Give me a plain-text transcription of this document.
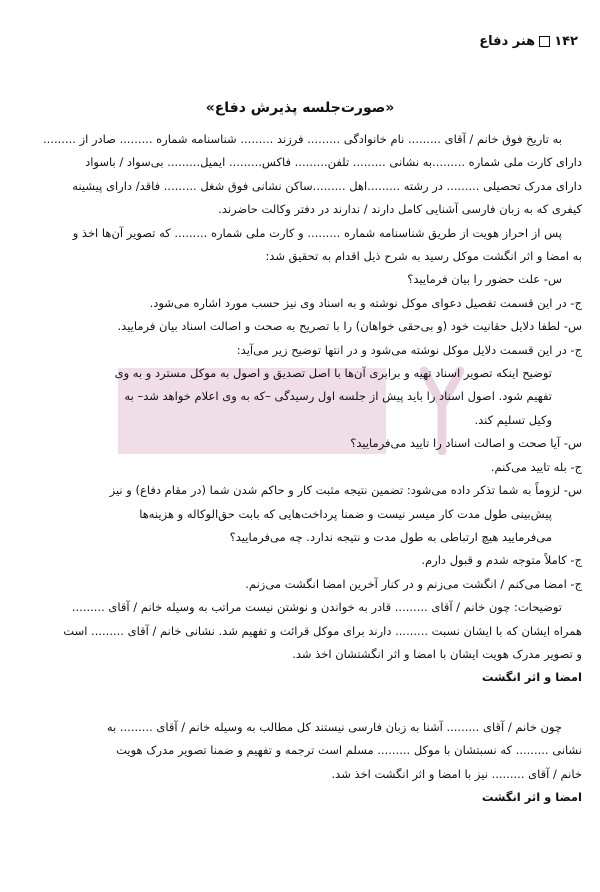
۱۴۲
هنر دفاع
«صورت‌جلسه پذیرش دفاع»
به تاریخ فوق خانم / آقای ......... نام خانوادگی ......... فرزند ......... شناسنامه شماره ......... صادر از .........
دارای کارت ملی شماره .........به نشانی ......... تلفن......... فاکس......... ایمیل......... بی‌سواد / باسواد
دارای مدرک تحصیلی ......... در رشته .........اهل .........ساکن نشانی فوق شغل ......... فاقد/ دارای پیشینه
کیفری که به زبان فارسی آشنایی کامل دارند / ندارند در دفتر وکالت حاضرند.
پس از احراز هویت از طریق شناسنامه شماره ......... و کارت ملی شماره ......... که تصویر آن‌ها اخذ و
به امضا و اثر انگشت موکل رسید به شرح ذیل اقدام به تحقیق شد:
س- علت حضور را بیان فرمایید؟
ج- در این قسمت تفصیل دعوای موکل نوشته و به اسناد وی نیز حسب مورد اشاره می‌شود.
س- لطفا دلایل حقانیت خود (و بی‌حقی خواهان) را با تصریح به صحت و اصالت اسناد بیان فرمایید.
ج- در این قسمت دلایل موکل نوشته می‌شود و در انتها توضیح زیر می‌آید:
توضیح اینکه تصویر اسناد تهیه و برابری آن‌ها با اصل تصدیق و اصول به موکل مسترد و به وی
تفهیم شود. اصول اسناد را باید پیش از جلسه اول رسیدگی –که به وی اعلام خواهد شد– به
وکیل تسلیم کند.
س- آیا صحت و اصالت اسناد را تایید می‌فرمایید؟
ج- بله تایید می‌کنم.
س- لزوماً به شما تذکر داده می‌شود: تضمین نتیجه مثبت کار و حاکم شدن شما (در مقام دفاع) و نیز
پیش‌بینی طول مدت کار میسر نیست و ضمنا پرداخت‌هایی که بابت حق‌الوکاله و هزینه‌ها
می‌فرمایید هیچ ارتباطی به طول مدت و نتیجه ندارد. چه می‌فرمایید؟
ج- کاملاً متوجه شدم و قبول دارم.
ج- امضا می‌کنم / انگشت می‌زنم و در کنار آخرین امضا انگشت می‌زنم.
توضیحات: چون خانم / آقای ......... قادر به خواندن و نوشتن نیست مراتب به وسیله خانم / آقای .........
همراه ایشان که با ایشان نسبت ......... دارند برای موکل قرائت و تفهیم شد. نشانی خانم / آقای ......... است
و تصویر مدرک هویت ایشان با امضا و اثر انگشتشان اخذ شد.
امضا و اثر انگشت
چون خانم / آقای ......... آشنا به زبان فارسی نیستند کل مطالب به وسیله خانم / آقای ......... به
نشانی ......... که نسبتشان با موکل ......... مسلم است ترجمه و تفهیم و ضمنا تصویر مدرک هویت
خانم / آقای ......... نیز با امضا و اثر انگشت اخذ شد.
امضا و اثر انگشت
